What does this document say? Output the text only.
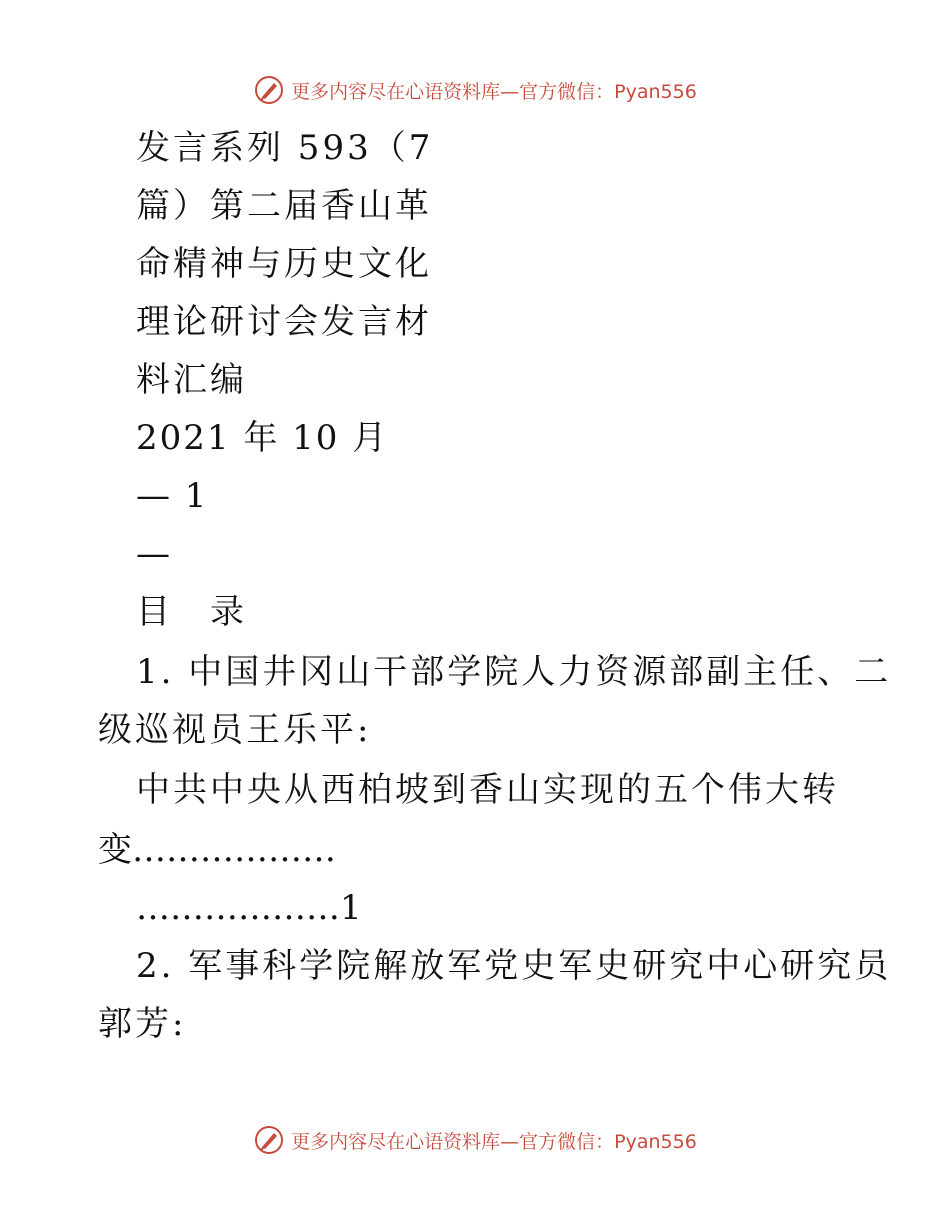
更多内容尽在心语资料库—官方微信：Pyan556
发言系列 593（7
篇）第二届香山革
命精神与历史文化
理论研讨会发言材
料汇编
2021 年 10 月
— 1
—
目 录
1. 中国井冈山干部学院人力资源部副主任、二
级巡视员王乐平:
中共中央从西柏坡到香山实现的五个伟大转
变………………
………………1
2. 军事科学院解放军党史军史研究中心研究员
郭芳:
更多内容尽在心语资料库—官方微信：Pyan556
